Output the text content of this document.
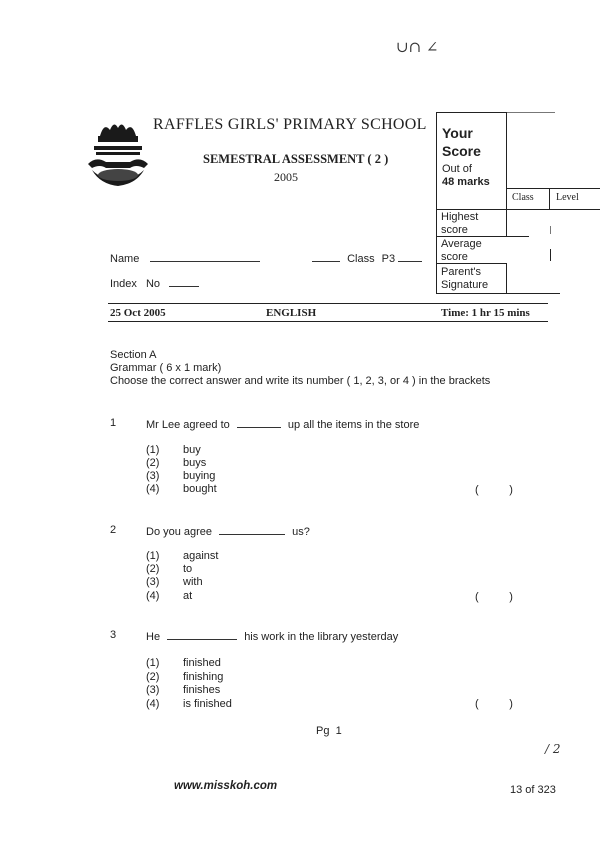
∪∩ ∠
RAFFLES GIRLS' PRIMARY SCHOOL
SEMESTRAL ASSESSMENT ( 2 )
2005
Your
Score
Out of
48 marks
Class Level
Highest
score
Average
score
Parent's
Signature
Name	Class P3
Index No
25 Oct 2005	ENGLISH	Time: 1 hr 15 mins
Section A
Grammar ( 6 x 1 mark)
Choose the correct answer and write its number ( 1, 2, 3, or 4 ) in the brackets
1	Mr Lee agreed to	up all the items in the store
(1) buy
(2) buys
(3) buying
(4) bought	(          )
2	Do you agree	us?
(1) against
(2) to
(3) with
(4) at	(          )
3	He	his work in the library yesterday
(1) finished
(2) finishing
(3) finishes
(4) is finished	(          )
Pg  1
/ 2
www.misskoh.com	13 of 323
